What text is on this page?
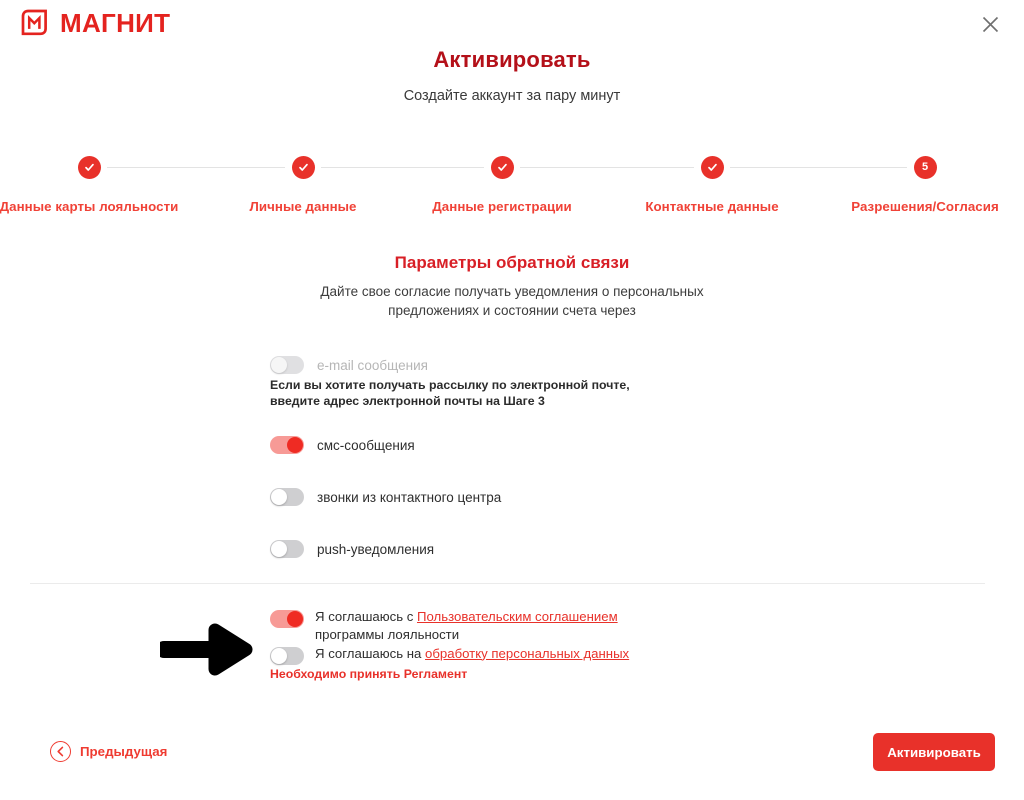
МАГНИТ
Активировать
Создайте аккаунт за пару минут
Данные карты лояльности	Личные данные	Данные регистрации	Контактные данные
5
Разрешения/Согласия
Параметры обратной связи
Дайте свое согласие получать уведомления о персональных предложениях и состоянии счета через
e-mail сообщения
Если вы хотите получать рассылку по электронной почте, введите адрес электронной почты на Шаге 3
смс-сообщения
звонки из контактного центра
push-уведомления
Я соглашаюсь с Пользовательским соглашением программы лояльности
Я соглашаюсь на обработку персональных данных
Необходимо принять Регламент
Предыдущая	Активировать
